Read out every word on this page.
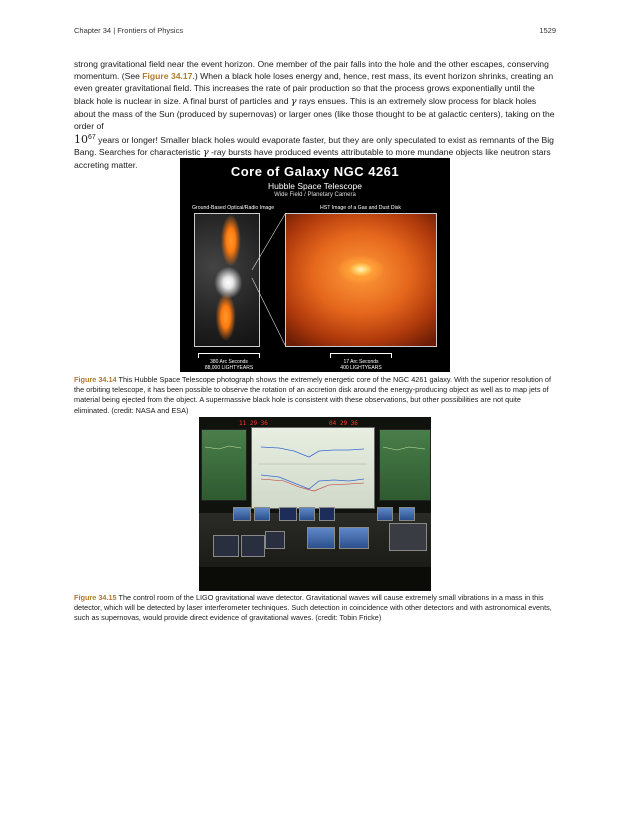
Chapter 34 | Frontiers of Physics	1529

strong gravitational field near the event horizon. One member of the pair falls into the hole and the other escapes, conserving momentum. (See Figure 34.17.) When a black hole loses energy and, hence, rest mass, its event horizon shrinks, creating an even greater gravitational field. This increases the rate of pair production so that the process grows exponentially until the black hole is nuclear in size. A final burst of particles and γ rays ensues. This is an extremely slow process for black holes about the mass of the Sun (produced by supernovas) or larger ones (like those thought to be at galactic centers), taking on the order of
$10^{67}$ years or longer! Smaller black holes would evaporate faster, but they are only speculated to exist as remnants of the Big Bang. Searches for characteristic γ -ray bursts have produced events attributable to more mundane objects like neutron stars accreting matter.	Core of Galaxy NGC 4261
Hubble Space Telescope
Wide Field / Planetary Camera
Ground-Based Optical/Radio Image	HST Image of a Gas and Dust Disk
380 Arc Seconds
88,000 LIGHTYEARS
17 Arc Seconds
400 LIGHTYEARS

Figure 34.14 This Hubble Space Telescope photograph shows the extremely energetic core of the NGC 4261 galaxy. With the superior resolution of the orbiting telescope, it has been possible to observe the rotation of an accretion disk around the energy-producing object as well as to map jets of material being ejected from the object. A supermassive black hole is consistent with these observations, but other possibilities are not quite eliminated. (credit: NASA and ESA)

11 29 36	04 29 36

Figure 34.15 The control room of the LIGO gravitational wave detector. Gravitational waves will cause extremely small vibrations in a mass in this detector, which will be detected by laser interferometer techniques. Such detection in coincidence with other detectors and with astronomical events, such as supernovas, would provide direct evidence of gravitational waves. (credit: Tobin Fricke)
